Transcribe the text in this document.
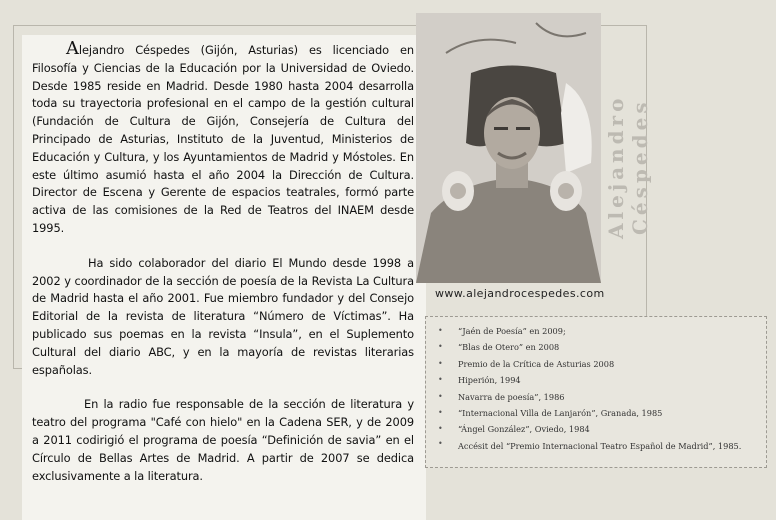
Alejandro Céspedes (Gijón, Asturias) es licenciado en Filosofía y Ciencias de la Educación por la Universidad de Oviedo. Desde 1985 reside en Madrid. Desde 1980 hasta 2004 desarrolla toda su trayectoria profesional en el campo de la gestión cultural (Fundación de Cultura de Gijón, Consejería de Cultura del Principado de Asturias, Instituto de la Juventud, Ministerios de Educación y Cultura, y los Ayuntamientos de Madrid y Móstoles. En este último asumió hasta el año 2004 la Dirección de Cultura. Director de Escena y Gerente de espacios teatrales, formó parte activa de las comisiones de la Red de Teatros del INAEM desde 1995.

Ha sido colaborador del diario El Mundo desde 1998 a 2002 y coordinador de la sección de poesía de la Revista La Cultura de Madrid hasta el año 2001. Fue miembro fundador y del Consejo Editorial de la revista de literatura “Número de Víctimas”. Ha publicado sus poemas en la revista “Insula”, en el Suplemento Cultural del diario ABC, y en la mayoría de revistas literarias españolas.

En la radio fue responsable de la sección de literatura y teatro del programa "Café con hielo" en la Cadena SER, y de 2009 a 2011 codirigió el programa de poesía “Definición de savia” en el Círculo de Bellas Artes de Madrid. A partir de 2007 se dedica exclusivamente a la literatura.

www.alejandrocespedes.com
Alejandro Céspedes
• “Jaén de Poesía” en 2009;
• “Blas de Otero” en 2008
• Premio de la Crítica de Asturias 2008
• Hiperión, 1994
• Navarra de poesía”, 1986
• “Internacional Villa de Lanjarón”, Granada, 1985
• “Ángel González”, Oviedo, 1984
• Accésit del “Premio Internacional Teatro Español de Madrid”, 1985.
